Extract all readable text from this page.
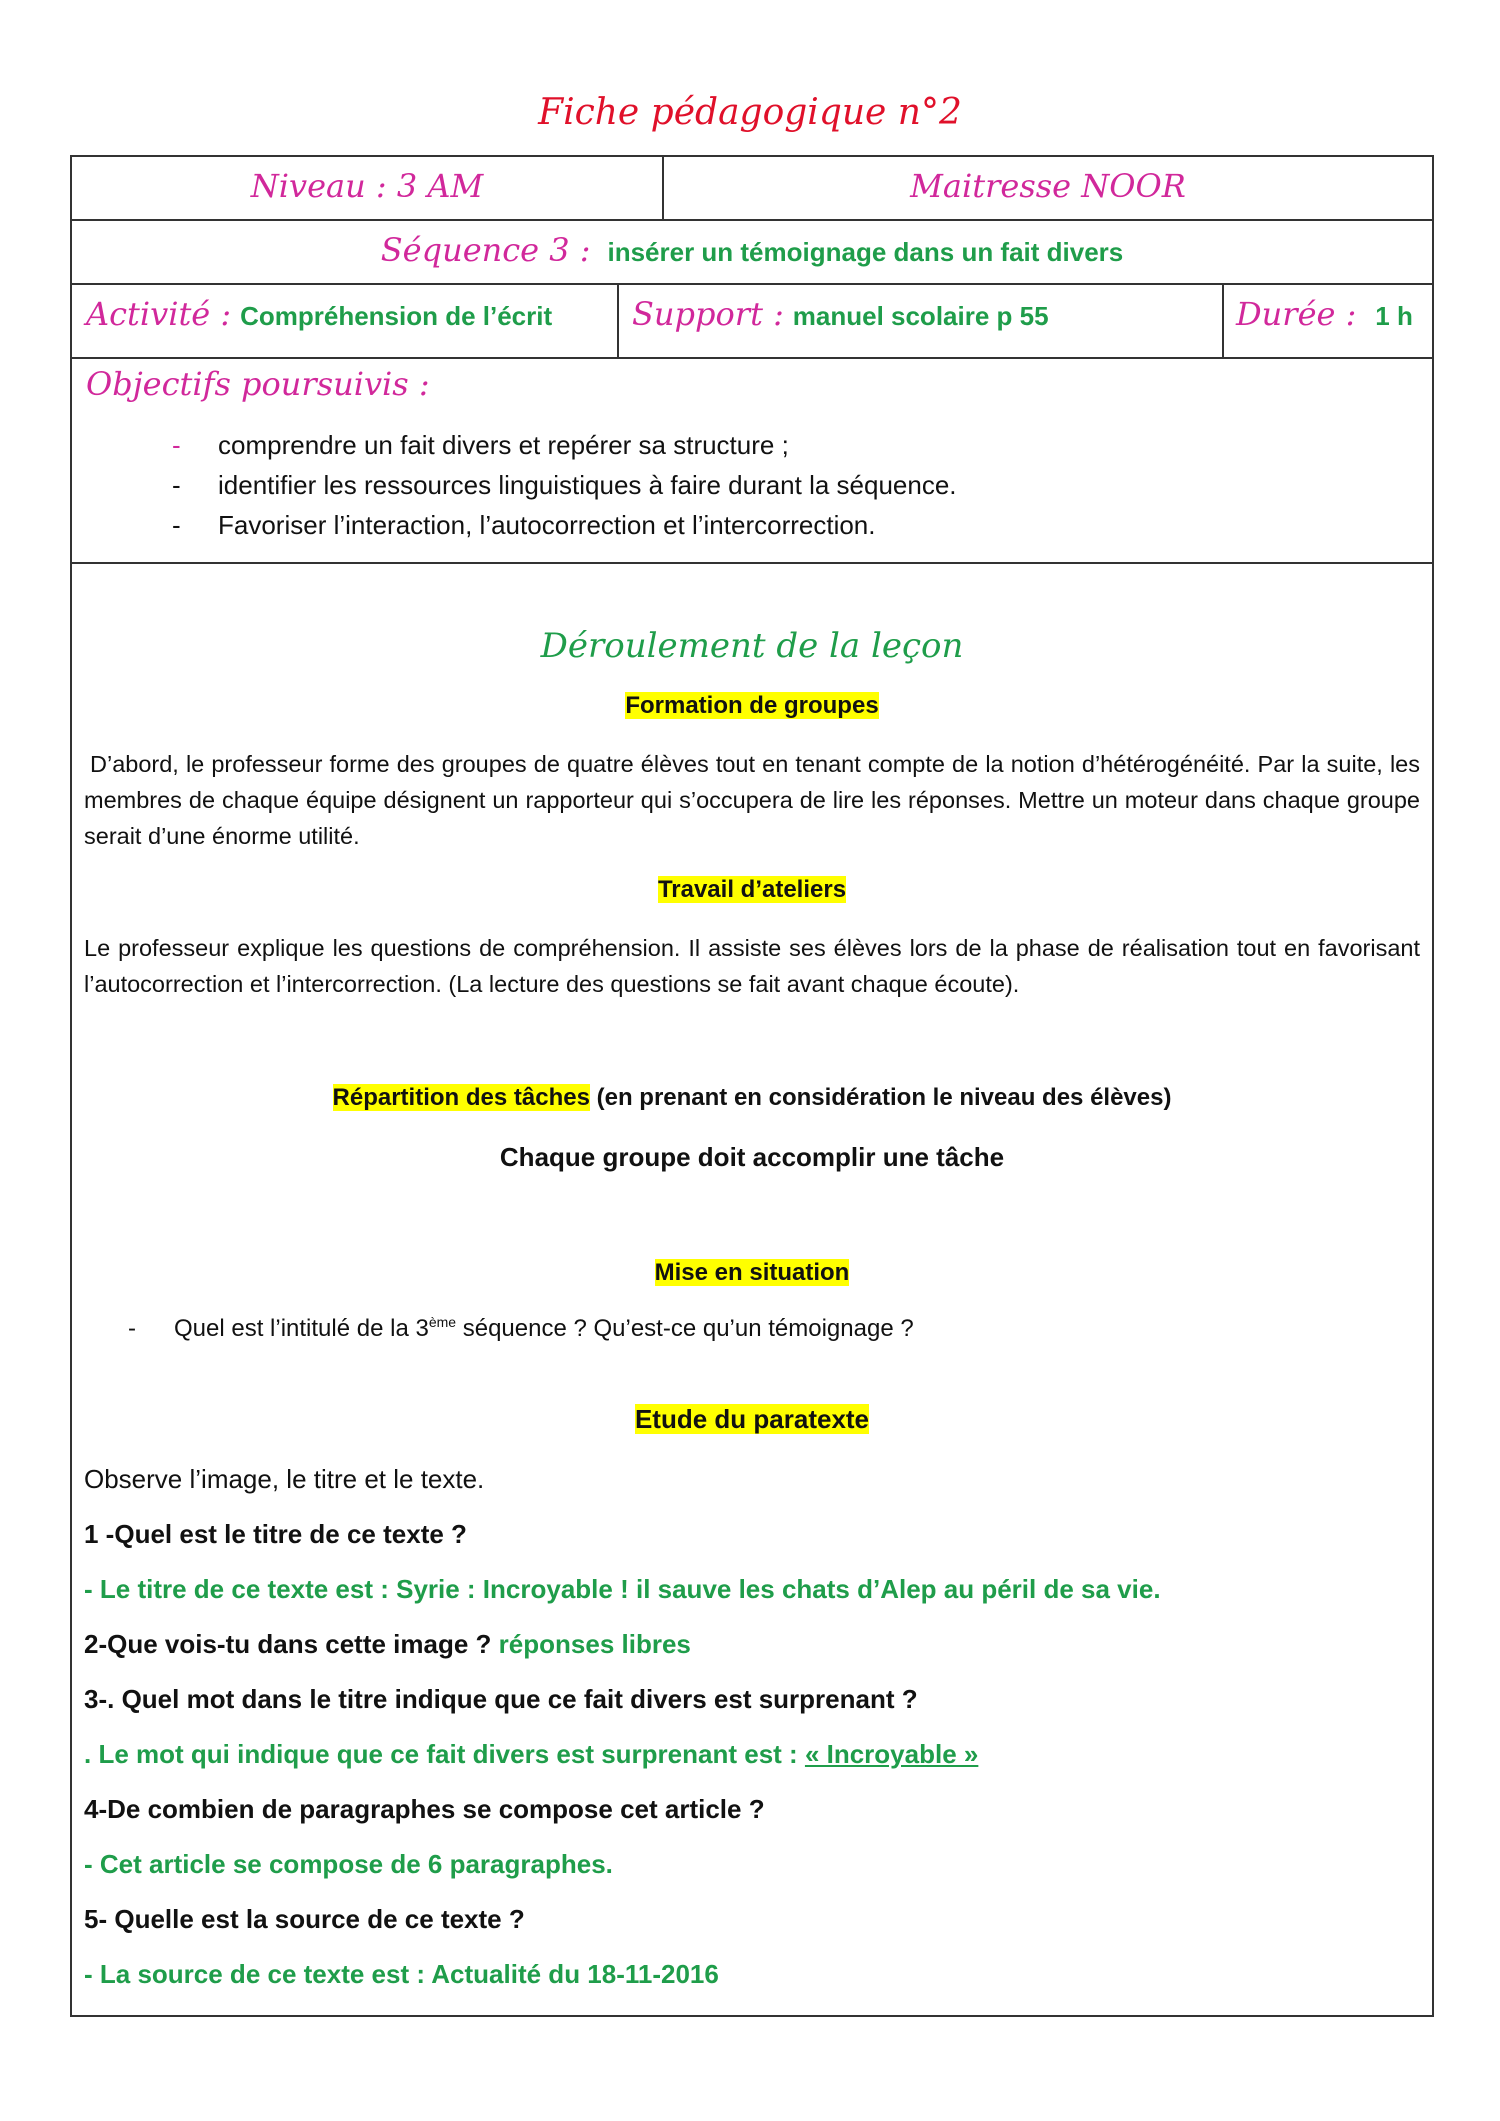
Fiche pédagogique n°2
Niveau : 3 AM	Maitresse NOOR
Séquence 3 : insérer un témoignage dans un fait divers
Activité : Compréhension de l’écrit Support : manuel scolaire p 55	Durée : 1 h
Objectifs poursuivis :
- comprendre un fait divers et repérer sa structure ;
- identifier les ressources linguistiques à faire durant la séquence.
- Favoriser l’interaction, l’autocorrection et l’intercorrection.
Déroulement de la leçon
Formation de groupes
D’abord, le professeur forme des groupes de quatre élèves tout en tenant compte de la notion d’hétérogénéité. Par la suite, les membres de chaque équipe désignent un rapporteur qui s’occupera de lire les réponses. Mettre un moteur dans chaque groupe serait d’une énorme utilité.
Travail d’ateliers
Le professeur explique les questions de compréhension. Il assiste ses élèves lors de la phase de réalisation tout en favorisant l’autocorrection et l’intercorrection. (La lecture des questions se fait avant chaque écoute).
Répartition des tâches (en prenant en considération le niveau des élèves)
Chaque groupe doit accomplir une tâche
Mise en situation
- Quel est l’intitulé de la 3ème séquence ? Qu’est-ce qu’un témoignage ?
Etude du paratexte
Observe l’image, le titre et le texte.
1 -Quel est le titre de ce texte ?
- Le titre de ce texte est : Syrie : Incroyable ! il sauve les chats d’Alep au péril de sa vie.
2-Que vois-tu dans cette image ? réponses libres
3-. Quel mot dans le titre indique que ce fait divers est surprenant ?
. Le mot qui indique que ce fait divers est surprenant est : « Incroyable »
4-De combien de paragraphes se compose cet article ?
- Cet article se compose de 6 paragraphes.
5- Quelle est la source de ce texte ?
- La source de ce texte est : Actualité du 18-11-2016
